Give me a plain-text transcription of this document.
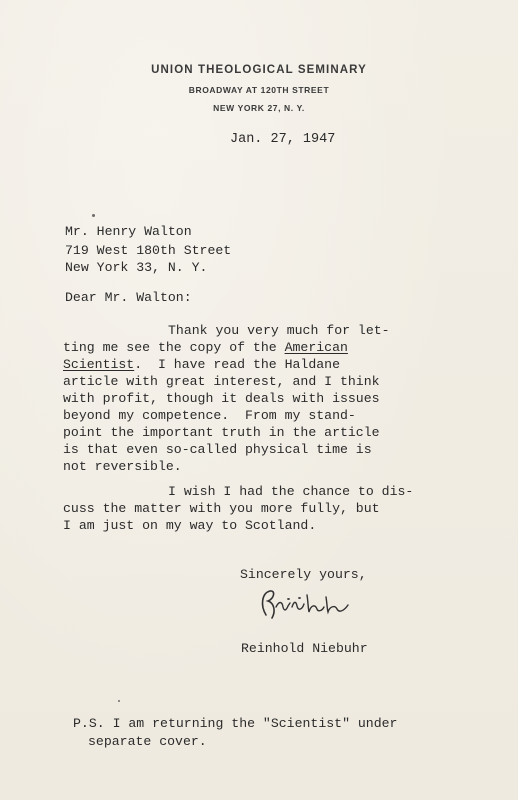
UNION THEOLOGICAL SEMINARY
BROADWAY AT 120TH STREET
NEW YORK 27, N. Y.
Jan. 27, 1947
Mr. Henry Walton
719 West 180th Street
New York 33, N. Y.
Dear Mr. Walton:
Thank you very much for let-
ting me see the copy of the American
Scientist.  I have read the Haldane
article with great interest, and I think
with profit, though it deals with issues
beyond my competence.  From my stand-
point the important truth in the article
is that even so-called physical time is
not reversible.
I wish I had the chance to dis-
cuss the matter with you more fully, but
I am just on my way to Scotland.
Sincerely yours,
Reinhold Niebuhr
P.S. I am returning the "Scientist" under
separate cover.
